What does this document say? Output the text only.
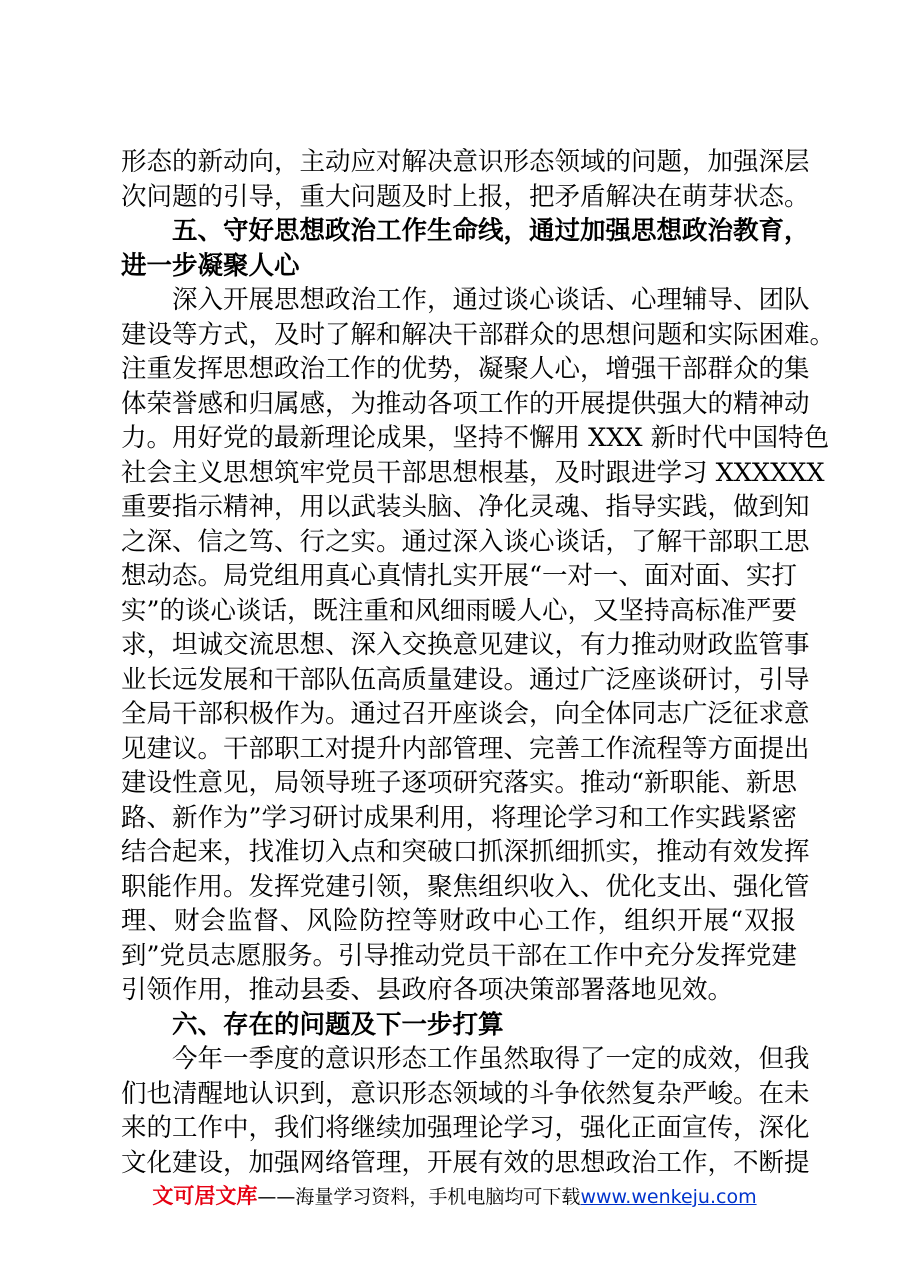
形态的新动向，主动应对解决意识形态领域的问题，加强深层
次问题的引导，重大问题及时上报，把矛盾解决在萌芽状态。
五、守好思想政治工作生命线，通过加强思想政治教育，
进一步凝聚人心
深入开展思想政治工作，通过谈心谈话、心理辅导、团队
建设等方式，及时了解和解决干部群众的思想问题和实际困难。
注重发挥思想政治工作的优势，凝聚人心，增强干部群众的集
体荣誉感和归属感，为推动各项工作的开展提供强大的精神动
力。用好党的最新理论成果，坚持不懈用 XXX 新时代中国特色
社会主义思想筑牢党员干部思想根基，及时跟进学习 XXXXXX
重要指示精神，用以武装头脑、净化灵魂、指导实践，做到知
之深、信之笃、行之实。通过深入谈心谈话，了解干部职工思
想动态。局党组用真心真情扎实开展“一对一、面对面、实打
实”的谈心谈话，既注重和风细雨暖人心，又坚持高标准严要
求，坦诚交流思想、深入交换意见建议，有力推动财政监管事
业长远发展和干部队伍高质量建设。通过广泛座谈研讨，引导
全局干部积极作为。通过召开座谈会，向全体同志广泛征求意
见建议。干部职工对提升内部管理、完善工作流程等方面提出
建设性意见，局领导班子逐项研究落实。推动“新职能、新思
路、新作为”学习研讨成果利用，将理论学习和工作实践紧密
结合起来，找准切入点和突破口抓深抓细抓实，推动有效发挥
职能作用。发挥党建引领，聚焦组织收入、优化支出、强化管
理、财会监督、风险防控等财政中心工作，组织开展“双报
到”党员志愿服务。引导推动党员干部在工作中充分发挥党建
引领作用，推动县委、县政府各项决策部署落地见效。
六、存在的问题及下一步打算
今年一季度的意识形态工作虽然取得了一定的成效，但我
们也清醒地认识到，意识形态领域的斗争依然复杂严峻。在未
来的工作中，我们将继续加强理论学习，强化正面宣传，深化
文化建设，加强网络管理，开展有效的思想政治工作，不断提
文可居文库——海量学习资料，手机电脑均可下载www.wenkeju.com
